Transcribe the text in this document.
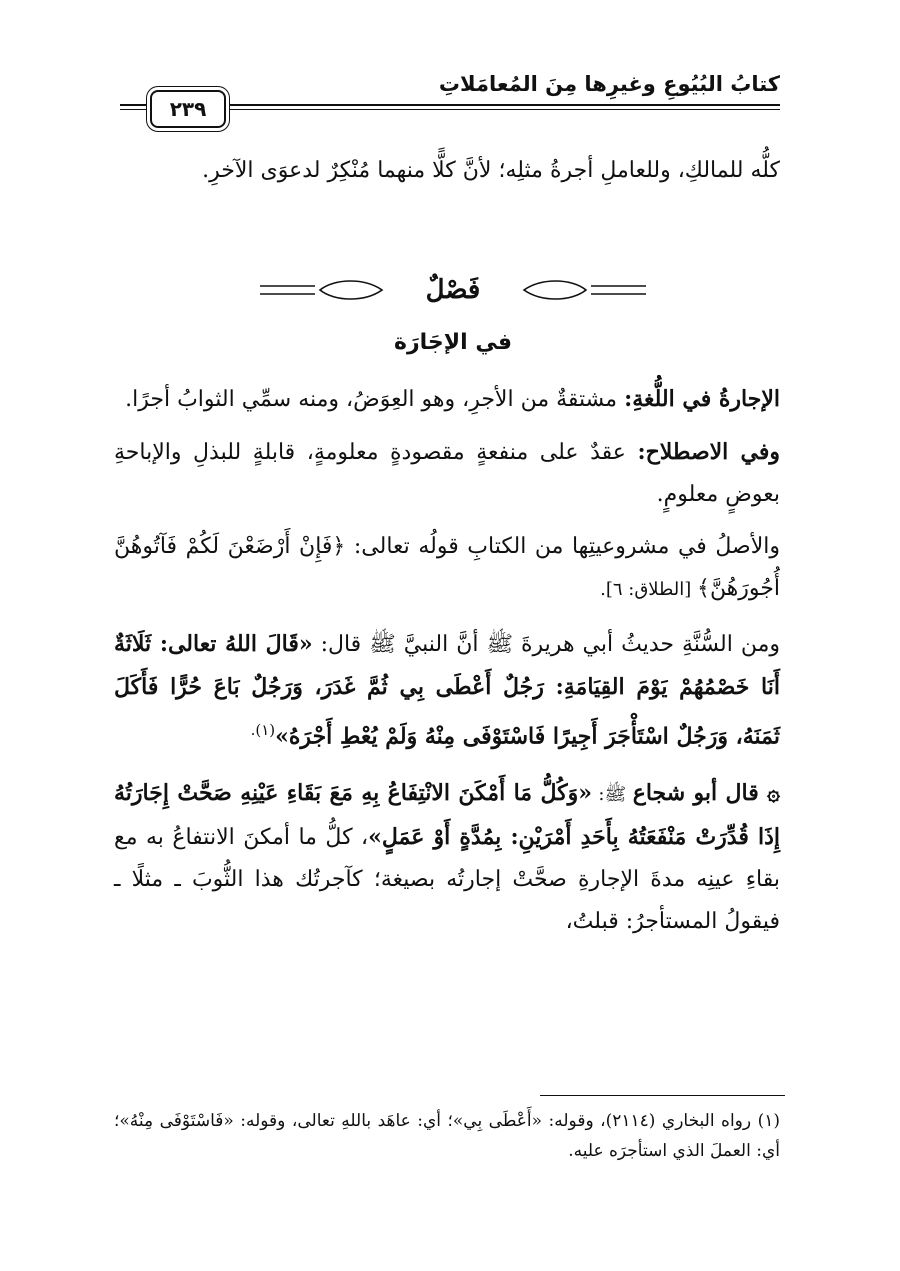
كتابُ البُيُوعِ وغيرِها مِنَ المُعامَلاتِ
٢٣٩

كلُّه للمالكِ، وللعاملِ أجرةُ مثلِه؛ لأنَّ كلًّا منهما مُنْكِرٌ لدعوَى الآخرِ.

فَصْلٌ
في الإجَارَة

الإجارةُ في اللُّغةِ: مشتقةٌ من الأجرِ، وهو العِوَضُ، ومنه سمِّي الثوابُ أجرًا.

وفي الاصطلاح: عقدٌ على منفعةٍ مقصودةٍ معلومةٍ، قابلةٍ للبذلِ والإباحةِ بعوضٍ معلومٍ.

والأصلُ في مشروعيتِها من الكتابِ قولُه تعالى: ﴿فَإِنْ أَرْضَعْنَ لَكُمْ فَآتُوهُنَّ أُجُورَهُنَّ﴾ [الطلاق: ٦].

ومن السُّنَّةِ حديثُ أبي هريرةَ ﷺ أنَّ النبيَّ ﷺ قال: «قَالَ اللهُ تعالى: ثَلَاثَةٌ أَنَا خَصْمُهُمْ يَوْمَ القِيَامَةِ: رَجُلٌ أَعْطَى بِي ثُمَّ غَدَرَ، وَرَجُلٌ بَاعَ حُرًّا فَأَكَلَ ثَمَنَهُ، وَرَجُلٌ اسْتَأْجَرَ أَجِيرًا فَاسْتَوْفَى مِنْهُ وَلَمْ يُعْطِ أَجْرَهُ»$^{(١).}$

۞ قال أبو شجاع ﷺ: «وَكُلُّ مَا أَمْكَنَ الانْتِفَاعُ بِهِ مَعَ بَقَاءِ عَيْنِهِ صَحَّتْ إِجَارَتُهُ إِذَا قُدِّرَتْ مَنْفَعَتُهُ بِأَحَدِ أَمْرَيْنِ: بِمُدَّةٍ أَوْ عَمَلٍ»، كلُّ ما أمكنَ الانتفاعُ به مع بقاءِ عينِه مدةَ الإجارةِ صحَّتْ إجارتُه بصيغة؛ كآجرتُك هذا الثُّوبَ ـ مثلًا ـ فيقولُ المستأجرُ: قبلتُ،

(١) رواه البخاري (٢١١٤)، وقوله: «أَعْطَى بِي»؛ أي: عاهَد باللهِ تعالى، وقوله: «فَاسْتَوْفَى مِنْهُ»؛ أي: العملَ الذي استأجرَه عليه.
